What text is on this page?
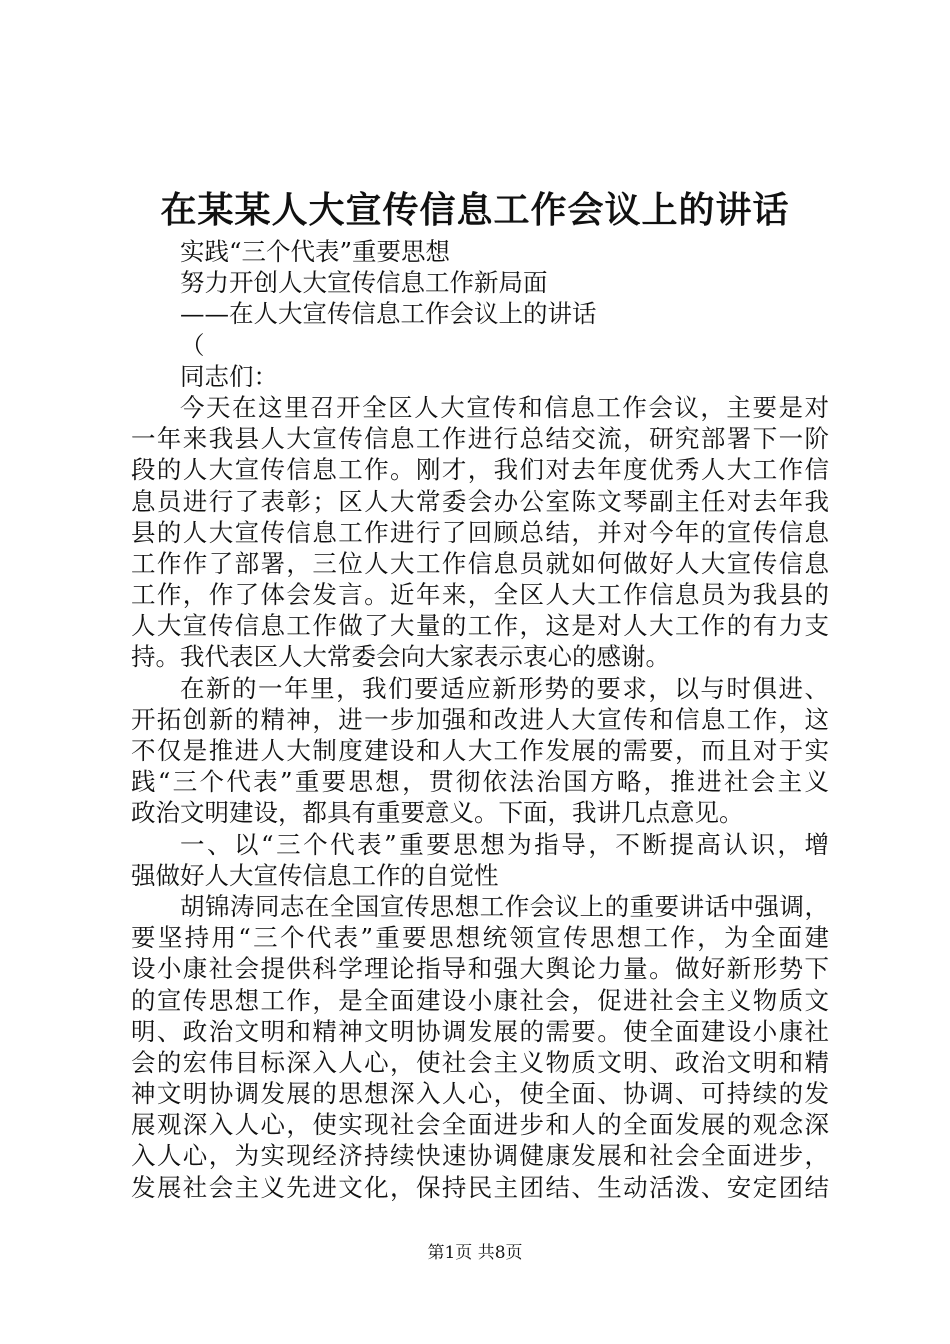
在某某人大宣传信息工作会议上的讲话
实践“三个代表”重要思想
努力开创人大宣传信息工作新局面
——在人大宣传信息工作会议上的讲话
（
同志们：
今天在这里召开全区人大宣传和信息工作会议，主要是对
一年来我县人大宣传信息工作进行总结交流，研究部署下一阶
段的人大宣传信息工作。刚才，我们对去年度优秀人大工作信
息员进行了表彰；区人大常委会办公室陈文琴副主任对去年我
县的人大宣传信息工作进行了回顾总结，并对今年的宣传信息
工作作了部署，三位人大工作信息员就如何做好人大宣传信息
工作，作了体会发言。近年来，全区人大工作信息员为我县的
人大宣传信息工作做了大量的工作，这是对人大工作的有力支
持。我代表区人大常委会向大家表示衷心的感谢。
在新的一年里，我们要适应新形势的要求，以与时俱进、
开拓创新的精神，进一步加强和改进人大宣传和信息工作，这
不仅是推进人大制度建设和人大工作发展的需要，而且对于实
践“三个代表”重要思想，贯彻依法治国方略，推进社会主义
政治文明建设，都具有重要意义。下面，我讲几点意见。
一、以“三个代表”重要思想为指导，不断提高认识，增
强做好人大宣传信息工作的自觉性
胡锦涛同志在全国宣传思想工作会议上的重要讲话中强调，
要坚持用“三个代表”重要思想统领宣传思想工作，为全面建
设小康社会提供科学理论指导和强大舆论力量。做好新形势下
的宣传思想工作，是全面建设小康社会，促进社会主义物质文
明、政治文明和精神文明协调发展的需要。使全面建设小康社
会的宏伟目标深入人心，使社会主义物质文明、政治文明和精
神文明协调发展的思想深入人心，使全面、协调、可持续的发
展观深入人心，使实现社会全面进步和人的全面发展的观念深
入人心，为实现经济持续快速协调健康发展和社会全面进步，
发展社会主义先进文化，保持民主团结、生动活泼、安定团结
第1页 共8页
